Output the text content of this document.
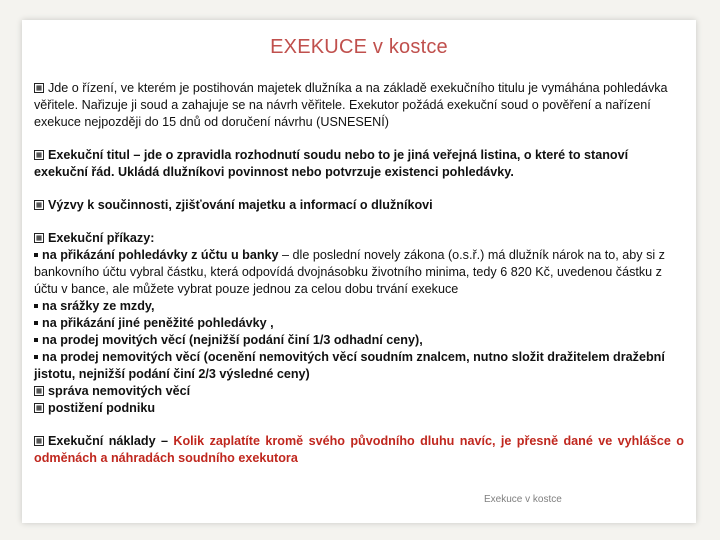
EXEKUCE v kostce

Jde o řízení, ve kterém je postihován majetek dlužníka a na základě exekučního titulu je vymáhána pohledávka věřitele. Nařizuje ji soud a zahajuje se na návrh věřitele. Exekutor požádá exekuční soud o pověření a nařízení exekuce nejpozději do 15 dnů od doručení návrhu (USNESENÍ)

Exekuční titul – jde o zpravidla rozhodnutí soudu nebo to je jiná veřejná listina, o které to stanoví exekuční řád. Ukládá dlužníkovi povinnost nebo potvrzuje existenci pohledávky.

Výzvy k součinnosti, zjišťování majetku a informací o dlužníkovi

Exekuční příkazy:
na přikázání pohledávky z účtu u banky – dle poslední novely zákona (o.s.ř.) má dlužník nárok na to, aby si z bankovního účtu vybral částku, která odpovídá dvojnásobku životního minima, tedy 6 820 Kč, uvedenou částku z účtu v bance, ale můžete vybrat pouze jednou za celou dobu trvání exekuce
na srážky ze mzdy,
na přikázání jiné peněžité pohledávky ,
na prodej movitých věcí (nejnižší podání činí 1/3 odhadní ceny),
na prodej nemovitých věcí (ocenění nemovitých věcí soudním znalcem, nutno složit dražitelem dražební jistotu, nejnižší podání činí 2/3 výsledné ceny)
správa nemovitých věcí
postižení podniku

Exekuční náklady – Kolik zaplatíte kromě svého původního dluhu navíc, je přesně dané ve vyhlášce o odměnách a náhradách soudního exekutora

Exekuce v kostce
